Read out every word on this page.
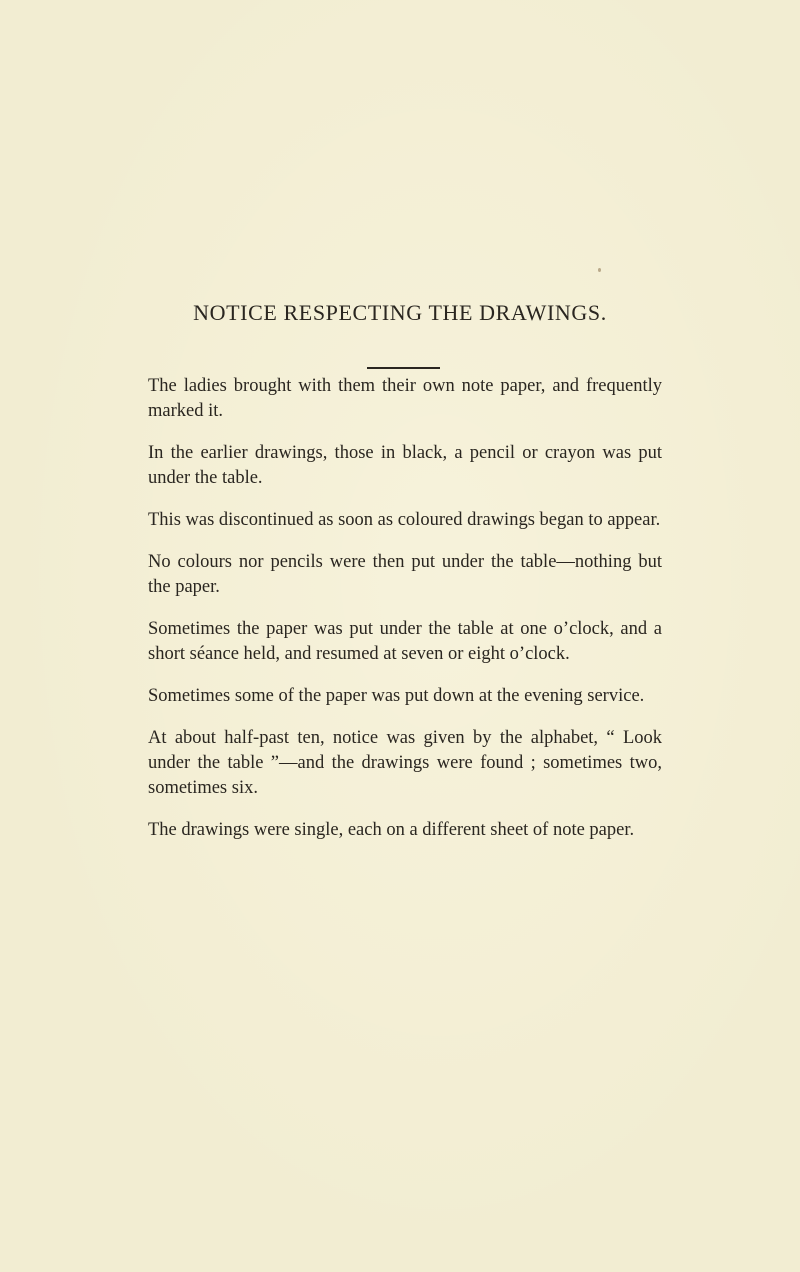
NOTICE RESPECTING THE DRAWINGS.

The ladies brought with them their own note paper, and frequently marked it.

In the earlier drawings, those in black, a pencil or crayon was put under the table.

This was discontinued as soon as coloured drawings began to appear.

No colours nor pencils were then put under the table—nothing but the paper.

Sometimes the paper was put under the table at one o’clock, and a short séance held, and resumed at seven or eight o’clock.

Sometimes some of the paper was put down at the evening service.

At about half-past ten, notice was given by the alphabet, “ Look under the table ”—and the drawings were found ; sometimes two, sometimes six.

The drawings were single, each on a different sheet of note paper.
